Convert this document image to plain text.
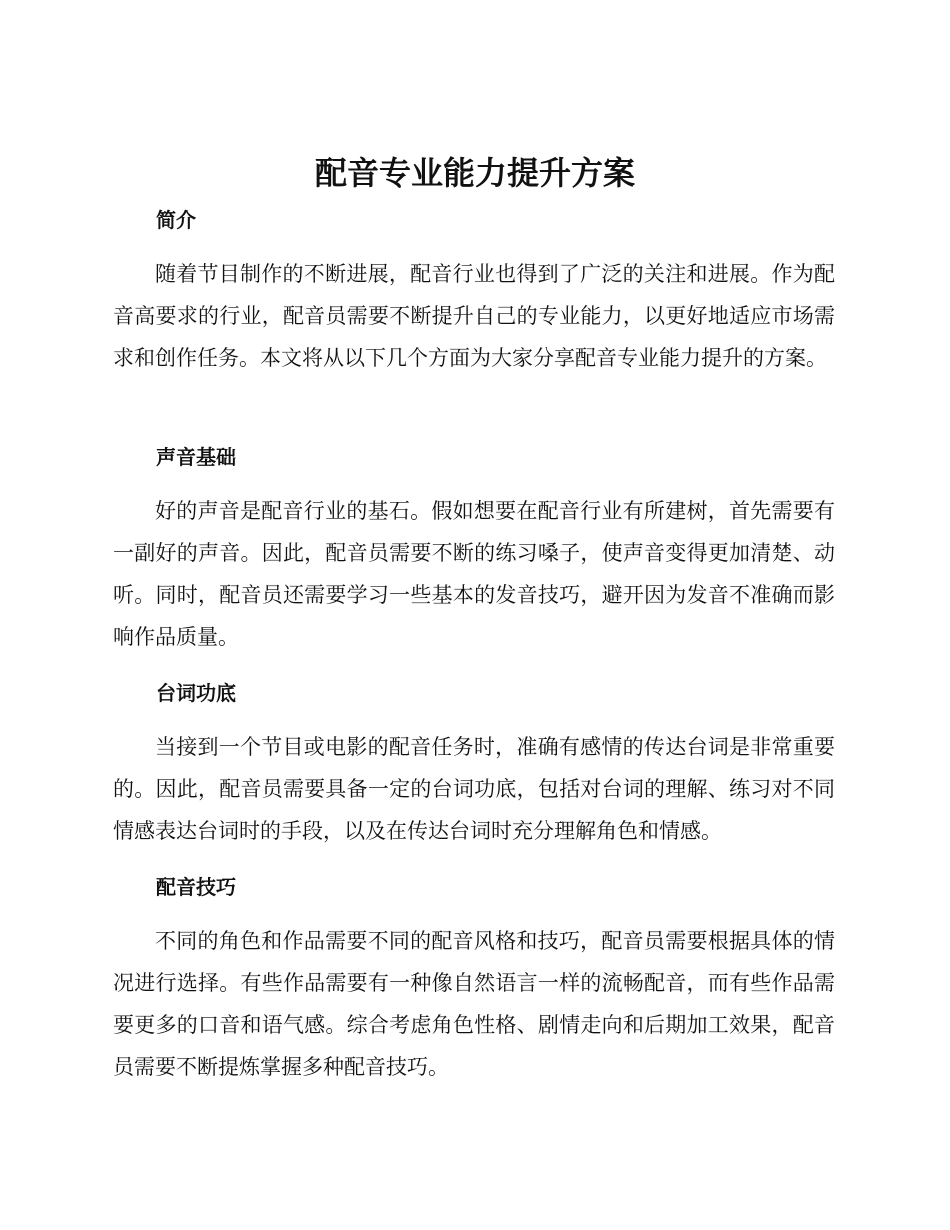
配音专业能力提升方案
简介

随着节目制作的不断进展，配音行业也得到了广泛的关注和进展。作为配音高要求的行业，配音员需要不断提升自己的专业能力，以更好地适应市场需求和创作任务。本文将从以下几个方面为大家分享配音专业能力提升的方案。

声音基础

好的声音是配音行业的基石。假如想要在配音行业有所建树，首先需要有一副好的声音。因此，配音员需要不断的练习嗓子，使声音变得更加清楚、动听。同时，配音员还需要学习一些基本的发音技巧，避开因为发音不准确而影响作品质量。

台词功底

当接到一个节目或电影的配音任务时，准确有感情的传达台词是非常重要的。因此，配音员需要具备一定的台词功底，包括对台词的理解、练习对不同情感表达台词时的手段，以及在传达台词时充分理解角色和情感。

配音技巧

不同的角色和作品需要不同的配音风格和技巧，配音员需要根据具体的情况进行选择。有些作品需要有一种像自然语言一样的流畅配音，而有些作品需要更多的口音和语气感。综合考虑角色性格、剧情走向和后期加工效果，配音员需要不断提炼掌握多种配音技巧。
